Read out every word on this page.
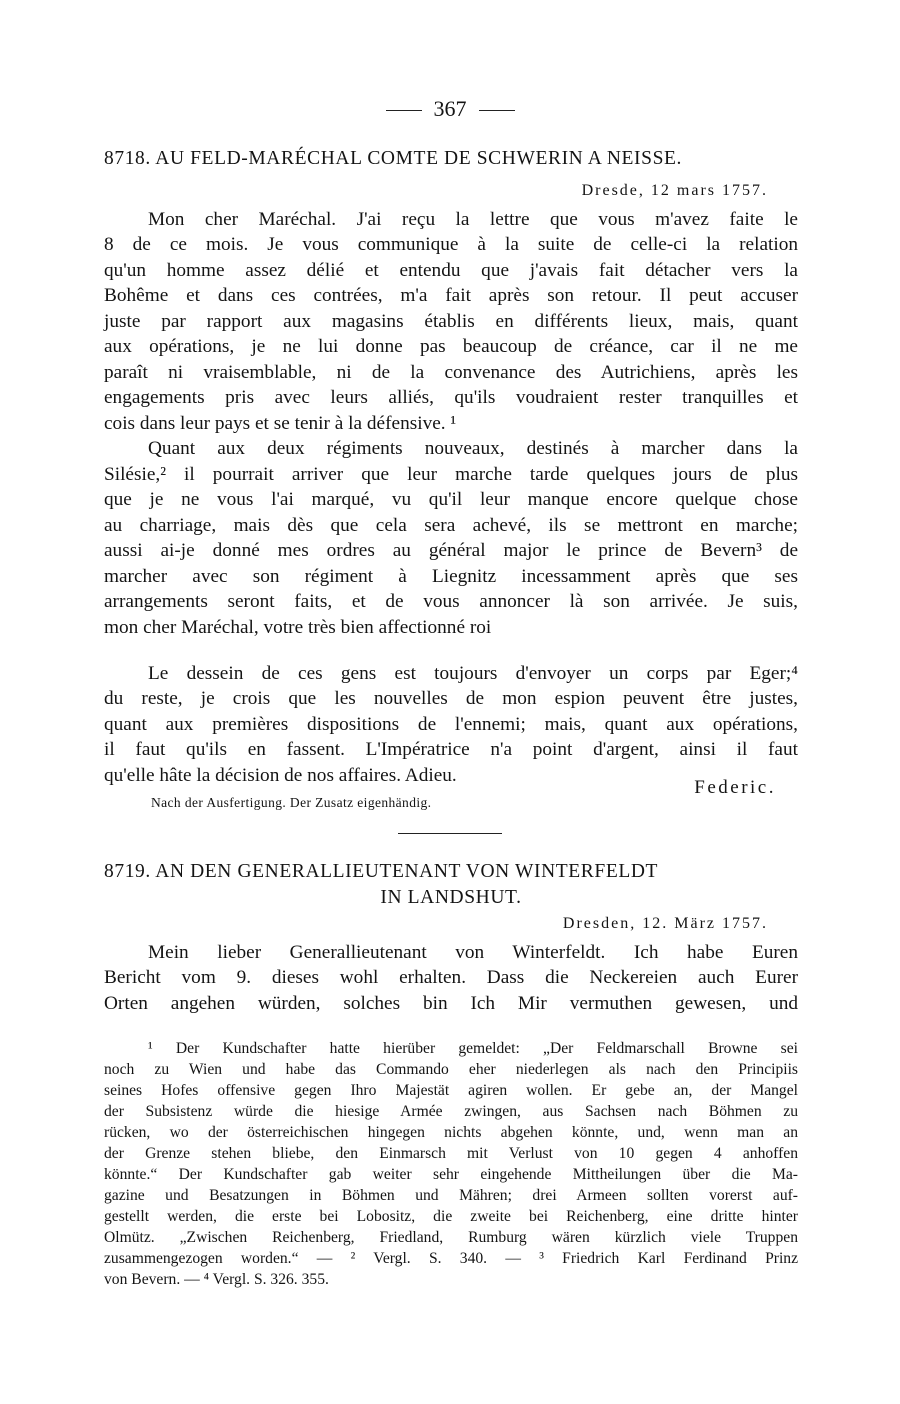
367
8718. AU FELD-MARÉCHAL COMTE DE SCHWERIN A NEISSE.
Dresde, 12 mars 1757.
Mon cher Maréchal. J'ai reçu la lettre que vous m'avez faite le
8 de ce mois. Je vous communique à la suite de celle-ci la relation
qu'un homme assez délié et entendu que j'avais fait détacher vers la
Bohême et dans ces contrées, m'a fait après son retour. Il peut accuser
juste par rapport aux magasins établis en différents lieux, mais, quant
aux opérations, je ne lui donne pas beaucoup de créance, car il ne me
paraît ni vraisemblable, ni de la convenance des Autrichiens, après les
engagements pris avec leurs alliés, qu'ils voudraient rester tranquilles et
cois dans leur pays et se tenir à la défensive. ¹
Quant aux deux régiments nouveaux, destinés à marcher dans la
Silésie,² il pourrait arriver que leur marche tarde quelques jours de plus
que je ne vous l'ai marqué, vu qu'il leur manque encore quelque chose
au charriage, mais dès que cela sera achevé, ils se mettront en marche;
aussi ai-je donné mes ordres au général major le prince de Bevern³ de
marcher avec son régiment à Liegnitz incessamment après que ses
arrangements seront faits, et de vous annoncer là son arrivée. Je suis,
mon cher Maréchal, votre très bien affectionné roi
Le dessein de ces gens est toujours d'envoyer un corps par Eger;⁴
du reste, je crois que les nouvelles de mon espion peuvent être justes,
quant aux premières dispositions de l'ennemi; mais, quant aux opérations,
il faut qu'ils en fassent. L'Impératrice n'a point d'argent, ainsi il faut
qu'elle hâte la décision de nos affaires. Adieu.
Federic.
Nach der Ausfertigung. Der Zusatz eigenhändig.
8719. AN DEN GENERALLIEUTENANT VON WINTERFELDT
IN LANDSHUT.
Dresden, 12. März 1757.
Mein lieber Generallieutenant von Winterfeldt. Ich habe Euren
Bericht vom 9. dieses wohl erhalten. Dass die Neckereien auch Eurer
Orten angehen würden, solches bin Ich Mir vermuthen gewesen, und
¹ Der Kundschafter hatte hierüber gemeldet: „Der Feldmarschall Browne sei
noch zu Wien und habe das Commando eher niederlegen als nach den Principiis
seines Hofes offensive gegen Ihro Majestät agiren wollen. Er gebe an, der Mangel
der Subsistenz würde die hiesige Armée zwingen, aus Sachsen nach Böhmen zu
rücken, wo der österreichischen hingegen nichts abgehen könnte, und, wenn man an
der Grenze stehen bliebe, den Einmarsch mit Verlust von 10 gegen 4 anhoffen
könnte.“ Der Kundschafter gab weiter sehr eingehende Mittheilungen über die Ma-
gazine und Besatzungen in Böhmen und Mähren; drei Armeen sollten vorerst auf-
gestellt werden, die erste bei Lobositz, die zweite bei Reichenberg, eine dritte hinter
Olmütz. „Zwischen Reichenberg, Friedland, Rumburg wären kürzlich viele Truppen
zusammengezogen worden.“ — ² Vergl. S. 340. — ³ Friedrich Karl Ferdinand Prinz
von Bevern. — ⁴ Vergl. S. 326. 355.
